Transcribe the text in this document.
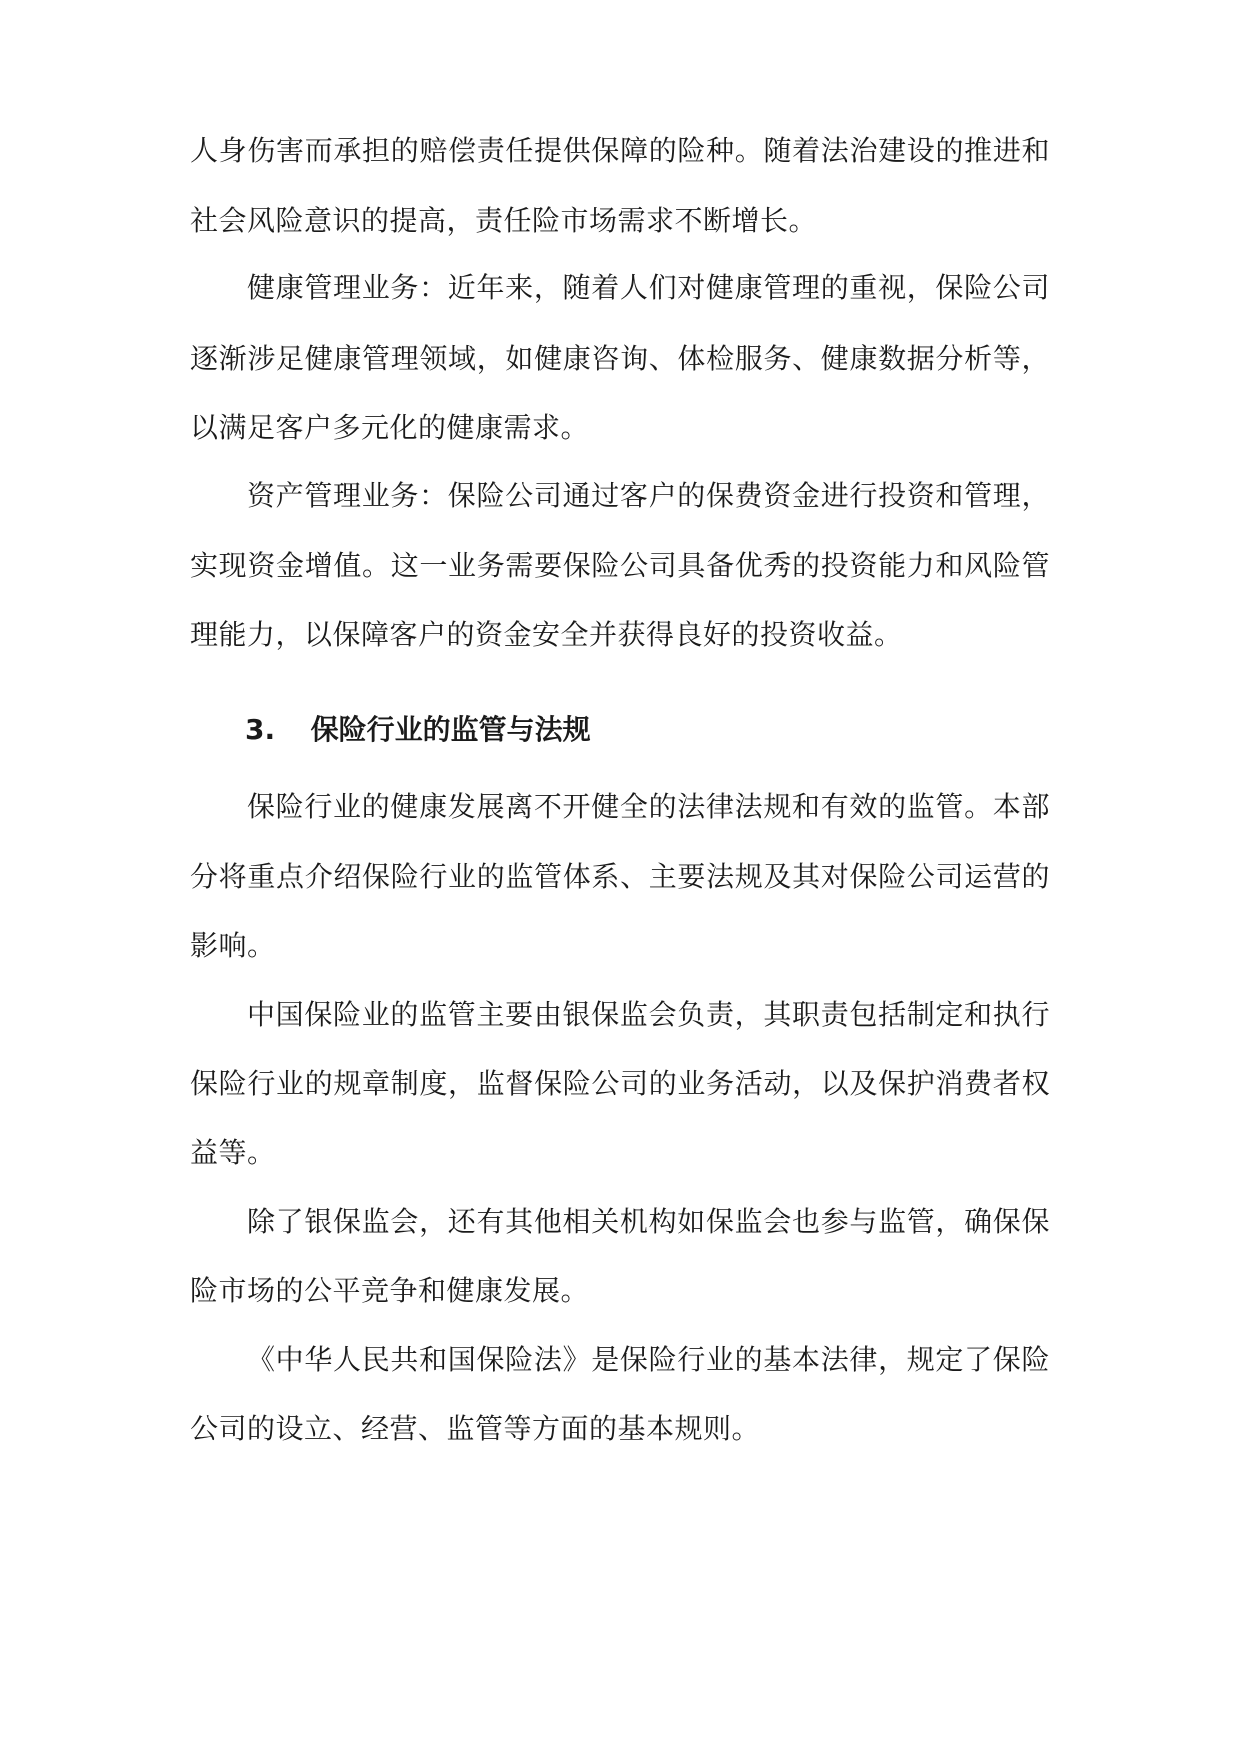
人身伤害而承担的赔偿责任提供保障的险种。随着法治建设的推进和
社会风险意识的提高，责任险市场需求不断增长。
健康管理业务：近年来，随着人们对健康管理的重视，保险公司
逐渐涉足健康管理领域，如健康咨询、体检服务、健康数据分析等，
以满足客户多元化的健康需求。
资产管理业务：保险公司通过客户的保费资金进行投资和管理，
实现资金增值。这一业务需要保险公司具备优秀的投资能力和风险管
理能力，以保障客户的资金安全并获得良好的投资收益。
3. 保险行业的监管与法规
保险行业的健康发展离不开健全的法律法规和有效的监管。本部
分将重点介绍保险行业的监管体系、主要法规及其对保险公司运营的
影响。
中国保险业的监管主要由银保监会负责，其职责包括制定和执行
保险行业的规章制度，监督保险公司的业务活动，以及保护消费者权
益等。
除了银保监会，还有其他相关机构如保监会也参与监管，确保保
险市场的公平竞争和健康发展。
《中华人民共和国保险法》是保险行业的基本法律，规定了保险
公司的设立、经营、监管等方面的基本规则。
